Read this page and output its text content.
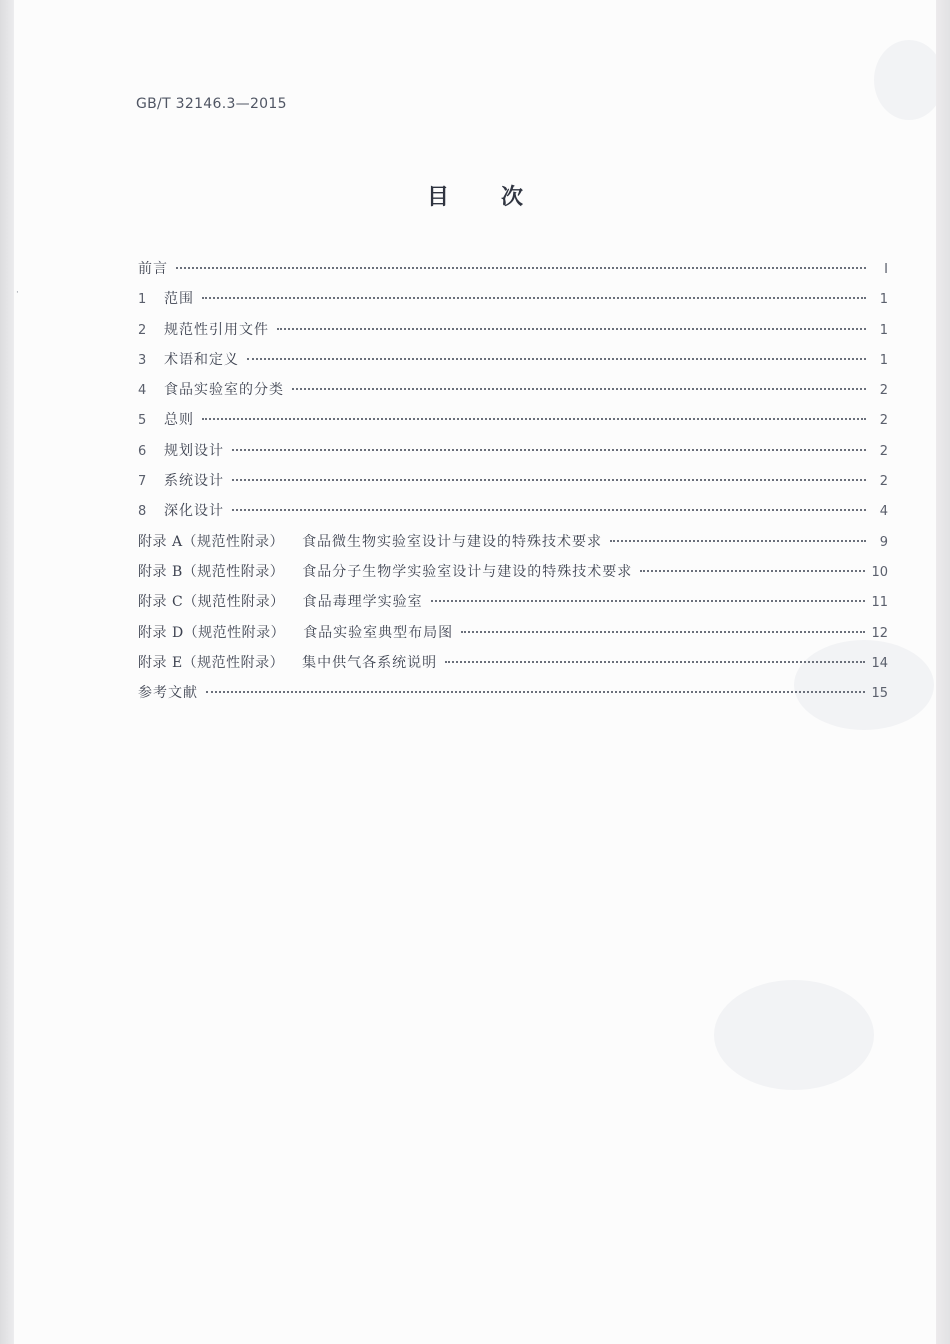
·
GB/T 32146.3—2015
目 次
前言	Ⅰ
1	范围	1
2	规范性引用文件	1
3	术语和定义	1
4	食品实验室的分类	2
5	总则	2
6	规划设计	2
7	系统设计	2
8	深化设计	4
附录 A（规范性附录） 食品微生物实验室设计与建设的特殊技术要求	9
附录 B（规范性附录） 食品分子生物学实验室设计与建设的特殊技术要求	10
附录 C（规范性附录） 食品毒理学实验室	11
附录 D（规范性附录） 食品实验室典型布局图	12
附录 E（规范性附录） 集中供气各系统说明	14
参考文献	15
